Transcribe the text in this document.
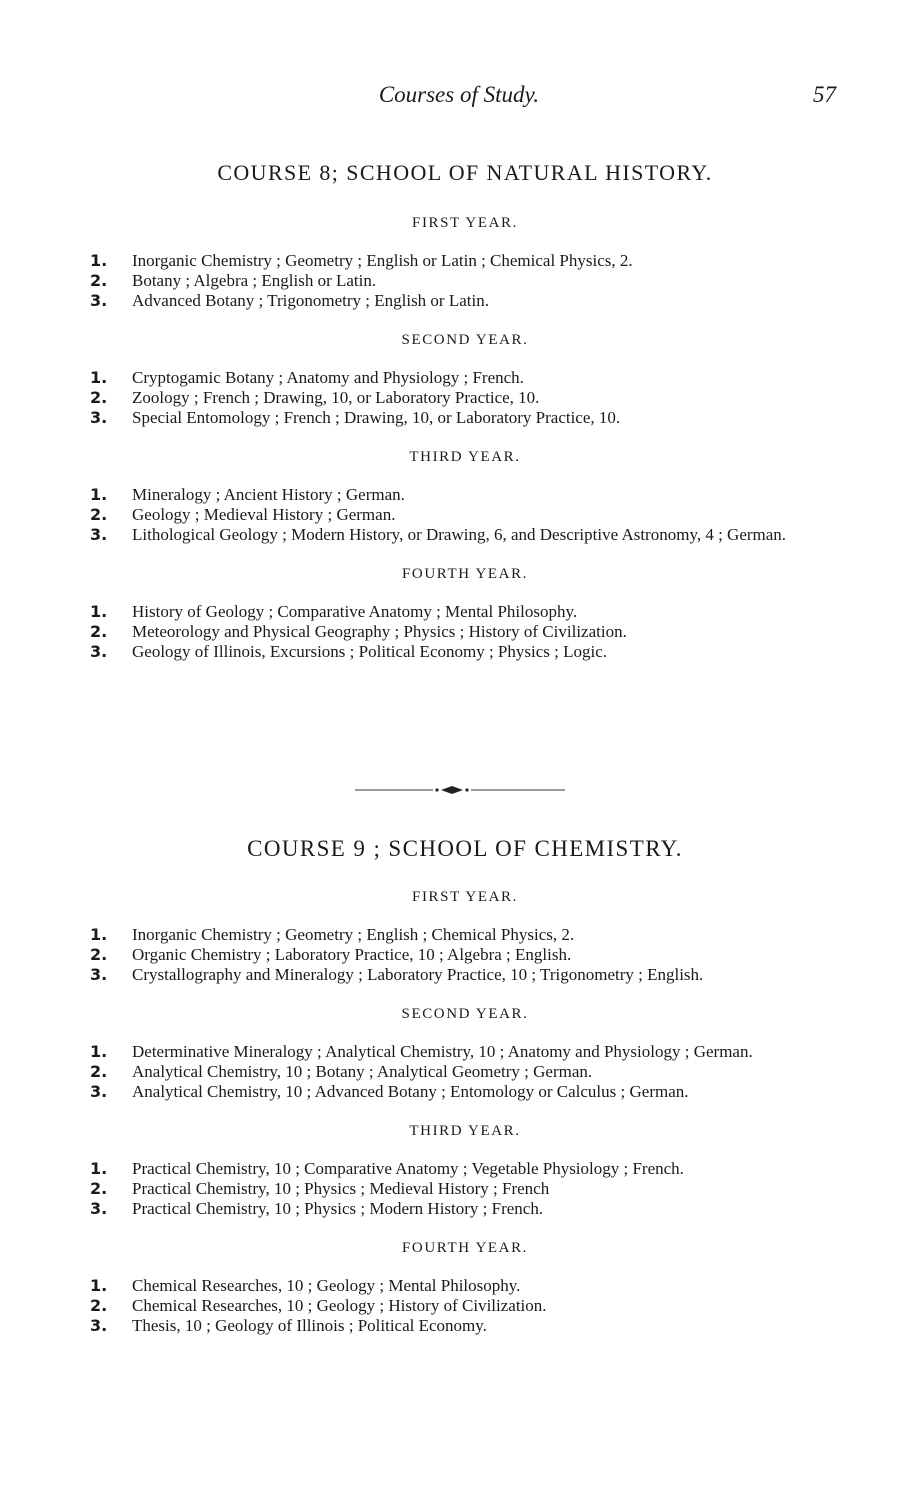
Courses of Study.	57
COURSE 8; SCHOOL OF NATURAL HISTORY.
FIRST YEAR.
1. Inorganic Chemistry ; Geometry ; English or Latin ; Chemical Physics, 2.
2. Botany ; Algebra ; English or Latin.
3. Advanced Botany ; Trigonometry ; English or Latin.
SECOND YEAR.
1. Cryptogamic Botany ; Anatomy and Physiology ; French.
2. Zoology ; French ; Drawing, 10, or Laboratory Practice, 10.
3. Special Entomology ; French ; Drawing, 10, or Laboratory Practice, 10.
THIRD YEAR.
1. Mineralogy ; Ancient History ; German.
2. Geology ; Medieval History ; German.
3. Lithological Geology ; Modern History, or Drawing, 6, and Descriptive Astronomy, 4 ; German.
FOURTH YEAR.
1. History of Geology ; Comparative Anatomy ; Mental Philosophy.
2. Meteorology and Physical Geography ; Physics ; History of Civilization.
3. Geology of Illinois, Excursions ; Political Economy ; Physics ; Logic.
COURSE 9 ; SCHOOL OF CHEMISTRY.
FIRST YEAR.
1. Inorganic Chemistry ; Geometry ; English ; Chemical Physics, 2.
2. Organic Chemistry ; Laboratory Practice, 10 ; Algebra ; English.
3. Crystallography and Mineralogy ; Laboratory Practice, 10 ; Trigonometry ; English.
SECOND YEAR.
1. Determinative Mineralogy ; Analytical Chemistry, 10 ; Anatomy and Physiology ; German.
2. Analytical Chemistry, 10 ; Botany ; Analytical Geometry ; German.
3. Analytical Chemistry, 10 ; Advanced Botany ; Entomology or Calculus ; German.
THIRD YEAR.
1. Practical Chemistry, 10 ; Comparative Anatomy ; Vegetable Physiology ; French.
2. Practical Chemistry, 10 ; Physics ; Medieval History ; French
3. Practical Chemistry, 10 ; Physics ; Modern History ; French.
FOURTH YEAR.
1. Chemical Researches, 10 ; Geology ; Mental Philosophy.
2. Chemical Researches, 10 ; Geology ; History of Civilization.
3. Thesis, 10 ; Geology of Illinois ; Political Economy.
